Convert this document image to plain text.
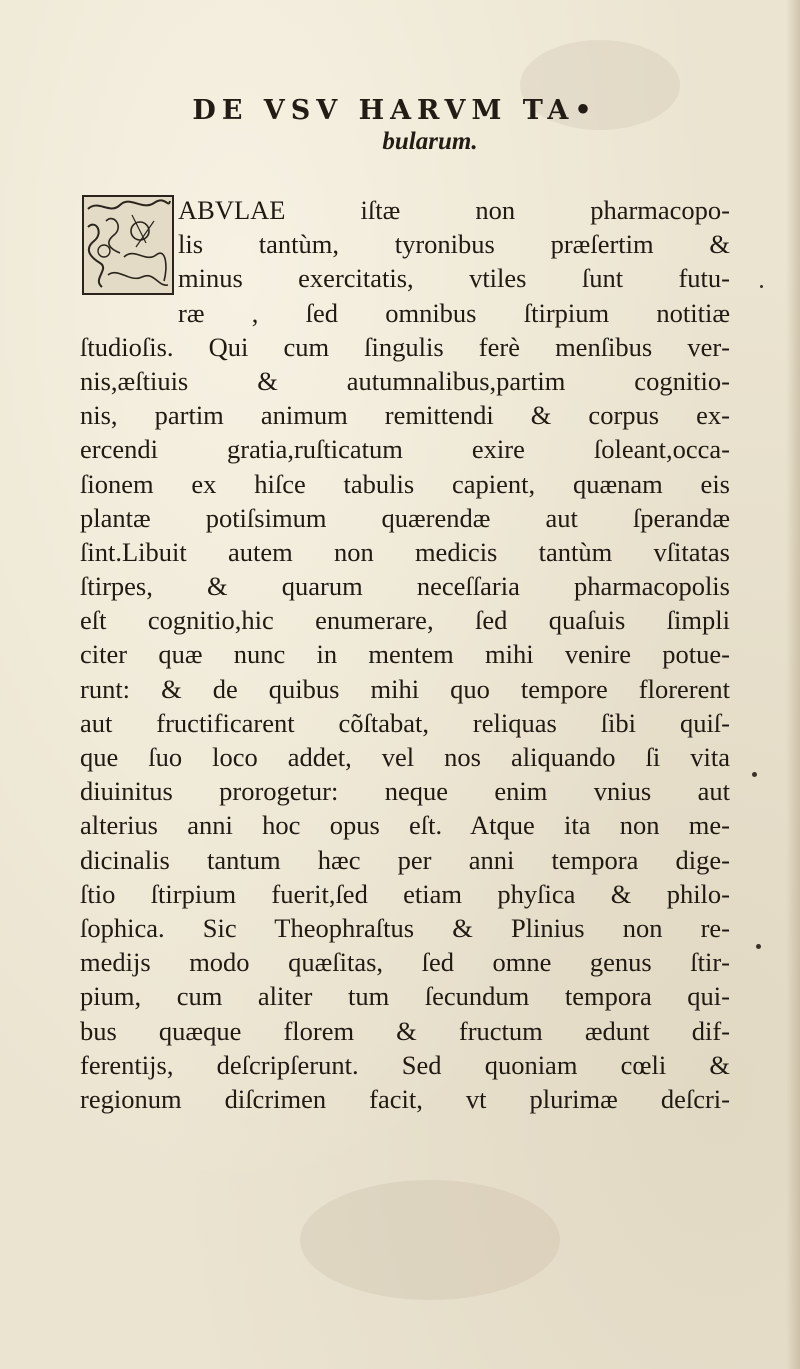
DE VSV HARVM TA•
bularum.
ABVLAE iſtæ non pharmacopo‐
lis tantùm, tyronibus præſertim &
minus exercitatis, vtiles ſunt futu‐
ræ , ſed omnibus ſtirpium notitiæ
ſtudioſis. Qui cum ſingulis ferè menſibus ver‐
nis,æſtiuis & autumnalibus,partim cognitio‐
nis, partim animum remittendi & corpus ex‐
ercendi gratia,ruſticatum exire ſoleant,occa‐
ſionem ex hiſce tabulis capient, quænam eis
plantæ potiſsimum quærendæ aut ſperandæ
ſint.Libuit autem non medicis tantùm vſitatas
ſtirpes, & quarum neceſſaria pharmacopolis
eſt cognitio,hic enumerare, ſed quaſuis ſimpli
citer quæ nunc in mentem mihi venire potue‐
runt: & de quibus mihi quo tempore florerent
aut fructificarent cõſtabat, reliquas ſibi quiſ‐
que ſuo loco addet, vel nos aliquando ſi vita
diuinitus prorogetur: neque enim vnius aut
alterius anni hoc opus eſt. Atque ita non me-
dicinalis tantum hæc per anni tempora dige‐
ſtio ſtirpium fuerit,ſed etiam phyſica & philo‐
ſophica. Sic Theophraſtus & Plinius non re‐
medijs modo quæſitas, ſed omne genus ſtir‐
pium, cum aliter tum ſecundum tempora qui‐
bus quæque florem & fructum ædunt dif‐
ferentijs, deſcripſerunt. Sed quoniam cœli &
regionum diſcrimen facit, vt plurimæ deſcri‐
